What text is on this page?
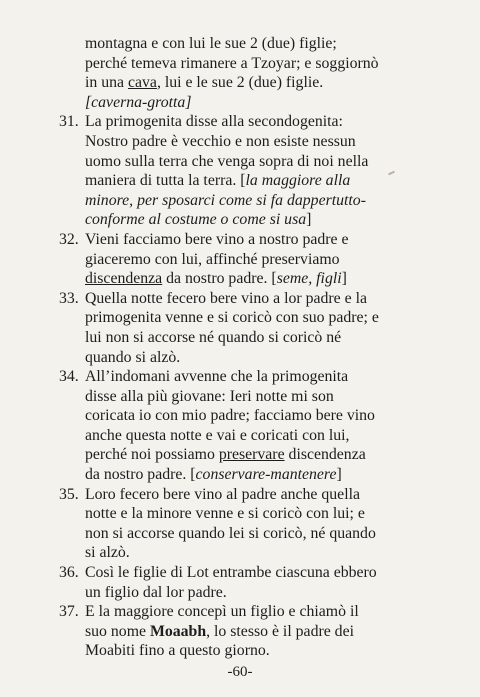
montagna e con lui le sue 2 (due) figlie;
perché temeva rimanere a Tzoyar; e soggiornò
in una cava, lui e le sue 2 (due) figlie.
[caverna-grotta]

31. La primogenita disse alla secondogenita:
Nostro padre è vecchio e non esiste nessun
uomo sulla terra che venga sopra di noi nella
maniera di tutta la terra. [la maggiore alla
minore, per sposarci come si fa dappertutto-
conforme al costume o come si usa]
32. Vieni facciamo bere vino a nostro padre e
giaceremo con lui, affinché preserviamo
discendenza da nostro padre. [seme, figli]
33. Quella notte fecero bere vino a lor padre e la
primogenita venne e si coricò con suo padre; e
lui non si accorse né quando si coricò né
quando si alzò.
34. All’indomani avvenne che la primogenita
disse alla più giovane: Ieri notte mi son
coricata io con mio padre; facciamo bere vino
anche questa notte e vai e coricati con lui,
perché noi possiamo preservare discendenza
da nostro padre. [conservare-mantenere]
35. Loro fecero bere vino al padre anche quella
notte e la minore venne e si coricò con lui; e
non si accorse quando lei si coricò, né quando
si alzò.
36. Così le figlie di Lot entrambe ciascuna ebbero
un figlio dal lor padre.
37. E la maggiore concepì un figlio e chiamò il
suo nome Moaabh, lo stesso è il padre dei
Moabiti fino a questo giorno.
-60-
